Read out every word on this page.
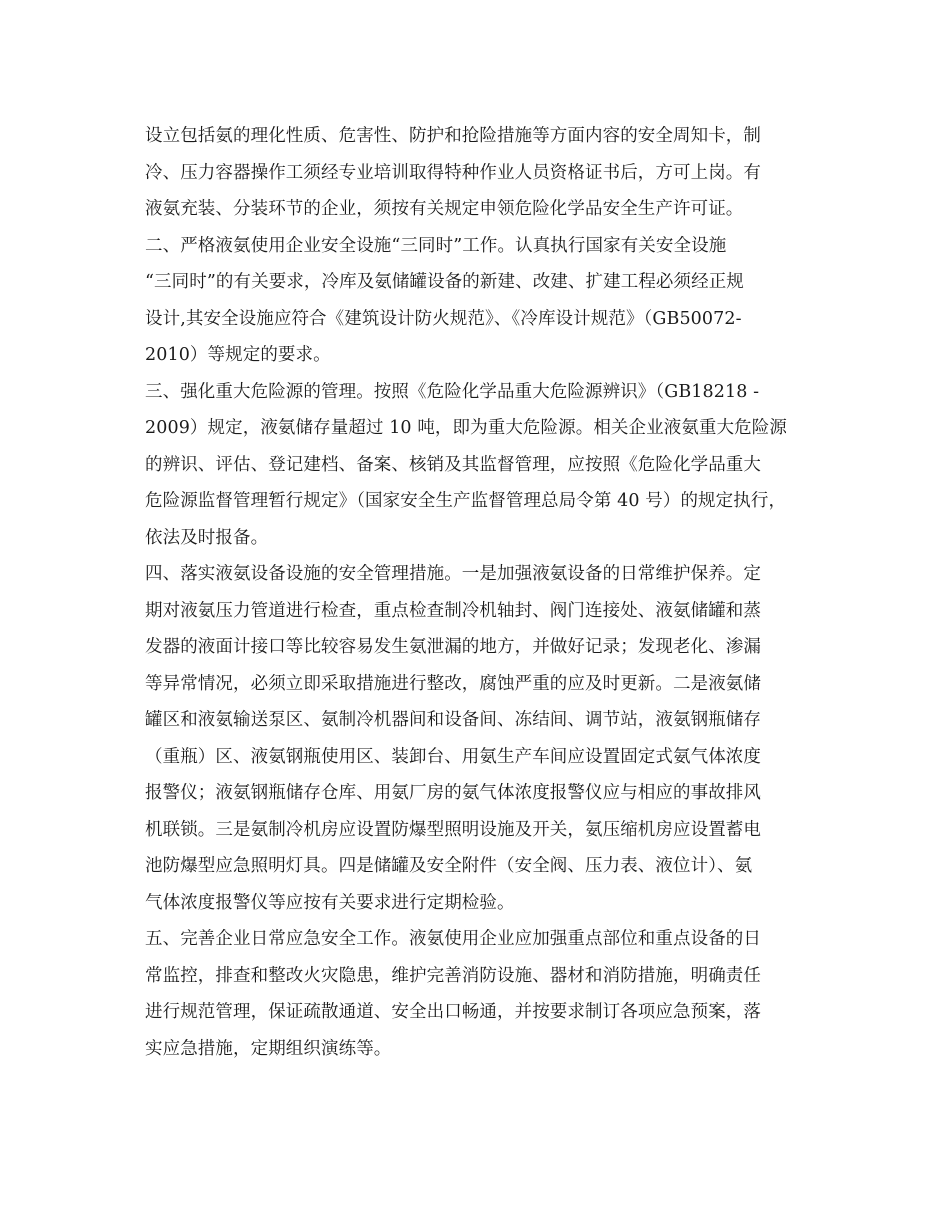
设立包括氨的理化性质、危害性、防护和抢险措施等方面内容的安全周知卡，制
冷、压力容器操作工须经专业培训取得特种作业人员资格证书后，方可上岗。有
液氨充装、分装环节的企业，须按有关规定申领危险化学品安全生产许可证。
二、严格液氨使用企业安全设施“三同时”工作。认真执行国家有关安全设施
“三同时”的有关要求，冷库及氨储罐设备的新建、改建、扩建工程必须经正规
设计,其安全设施应符合《建筑设计防火规范》、《冷库设计规范》（GB50072-
2010）等规定的要求。
三、强化重大危险源的管理。按照《危险化学品重大危险源辨识》（GB18218 -
2009）规定，液氨储存量超过 10 吨，即为重大危险源。相关企业液氨重大危险源
的辨识、评估、登记建档、备案、核销及其监督管理，应按照《危险化学品重大
危险源监督管理暂行规定》（国家安全生产监督管理总局令第 40 号）的规定执行，
依法及时报备。
四、落实液氨设备设施的安全管理措施。一是加强液氨设备的日常维护保养。定
期对液氨压力管道进行检查，重点检查制冷机轴封、阀门连接处、液氨储罐和蒸
发器的液面计接口等比较容易发生氨泄漏的地方，并做好记录；发现老化、渗漏
等异常情况，必须立即采取措施进行整改，腐蚀严重的应及时更新。二是液氨储
罐区和液氨输送泵区、氨制冷机器间和设备间、冻结间、调节站，液氨钢瓶储存
（重瓶）区、液氨钢瓶使用区、装卸台、用氨生产车间应设置固定式氨气体浓度
报警仪；液氨钢瓶储存仓库、用氨厂房的氨气体浓度报警仪应与相应的事故排风
机联锁。三是氨制冷机房应设置防爆型照明设施及开关，氨压缩机房应设置蓄电
池防爆型应急照明灯具。四是储罐及安全附件（安全阀、压力表、液位计）、氨
气体浓度报警仪等应按有关要求进行定期检验。
五、完善企业日常应急安全工作。液氨使用企业应加强重点部位和重点设备的日
常监控，排查和整改火灾隐患，维护完善消防设施、器材和消防措施，明确责任
进行规范管理，保证疏散通道、安全出口畅通，并按要求制订各项应急预案，落
实应急措施，定期组织演练等。
